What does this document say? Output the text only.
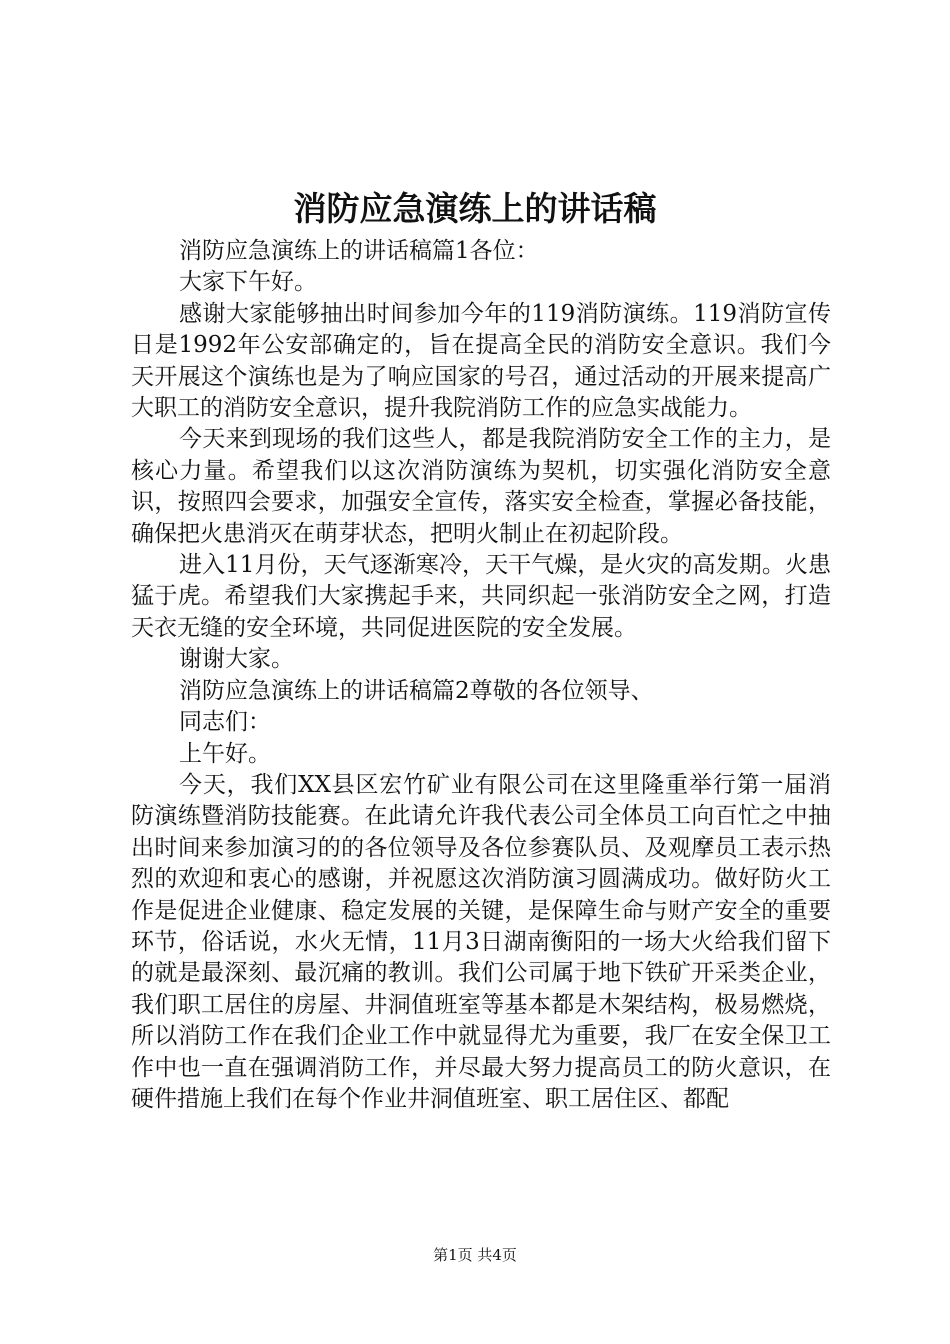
消防应急演练上的讲话稿

消防应急演练上的讲话稿篇1各位：

大家下午好。

感谢大家能够抽出时间参加今年的119消防演练。119消防宣传日是1992年公安部确定的，旨在提高全民的消防安全意识。我们今天开展这个演练也是为了响应国家的号召，通过活动的开展来提高广大职工的消防安全意识，提升我院消防工作的应急实战能力。

今天来到现场的我们这些人，都是我院消防安全工作的主力，是核心力量。希望我们以这次消防演练为契机，切实强化消防安全意识，按照四会要求，加强安全宣传，落实安全检查，掌握必备技能，确保把火患消灭在萌芽状态，把明火制止在初起阶段。

进入11月份，天气逐渐寒冷，天干气燥，是火灾的高发期。火患猛于虎。希望我们大家携起手来，共同织起一张消防安全之网，打造天衣无缝的安全环境，共同促进医院的安全发展。

谢谢大家。

消防应急演练上的讲话稿篇2尊敬的各位领导、

同志们：

上午好。

今天，我们XX县区宏竹矿业有限公司在这里隆重举行第一届消防演练暨消防技能赛。在此请允许我代表公司全体员工向百忙之中抽出时间来参加演习的的各位领导及各位参赛队员、及观摩员工表示热烈的欢迎和衷心的感谢，并祝愿这次消防演习圆满成功。做好防火工作是促进企业健康、稳定发展的关键，是保障生命与财产安全的重要环节，俗话说，水火无情，11月3日湖南衡阳的一场大火给我们留下的就是最深刻、最沉痛的教训。我们公司属于地下铁矿开采类企业，我们职工居住的房屋、井洞值班室等基本都是木架结构，极易燃烧，所以消防工作在我们企业工作中就显得尤为重要，我厂在安全保卫工作中也一直在强调消防工作，并尽最大努力提高员工的防火意识，在硬件措施上我们在每个作业井洞值班室、职工居住区、都配

第1页 共4页
